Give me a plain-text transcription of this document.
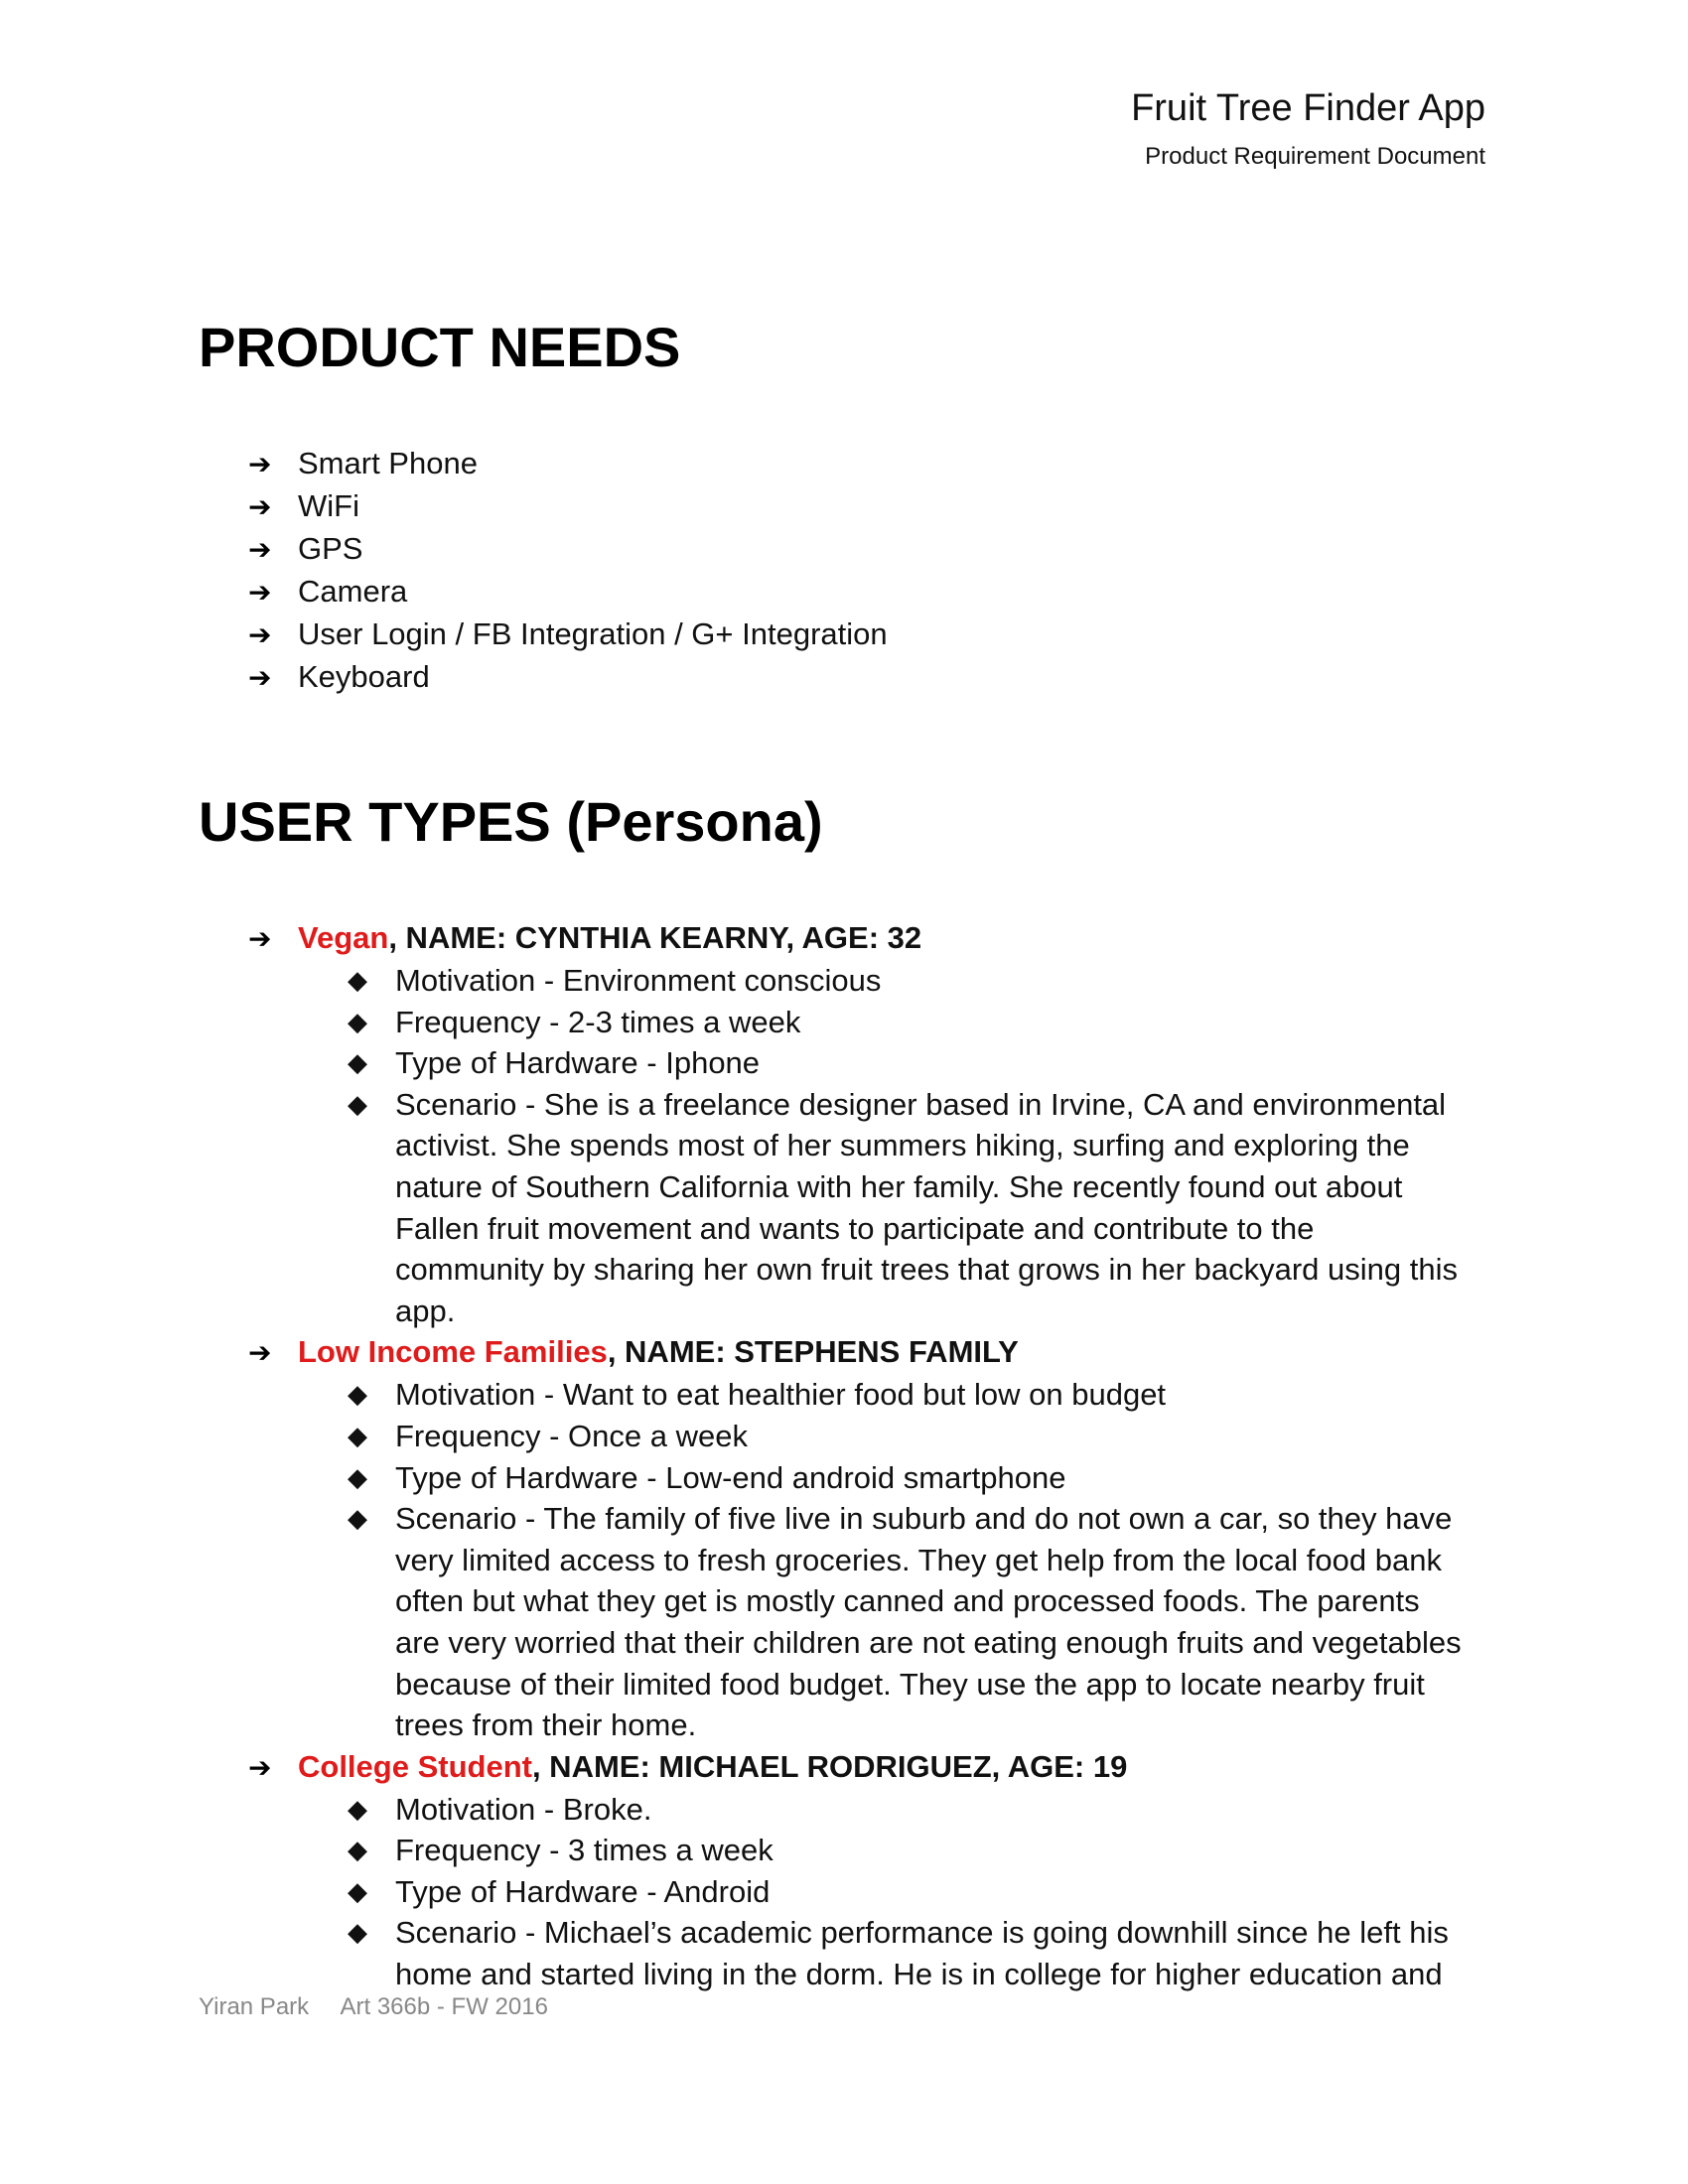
Fruit Tree Finder App
Product Requirement Document
PRODUCT NEEDS
➔ Smart Phone
➔ WiFi
➔ GPS
➔ Camera
➔ User Login / FB Integration / G+ Integration
➔ Keyboard
USER TYPES (Persona)
➔ Vegan, NAME: CYNTHIA KEARNY, AGE: 32
◆ Motivation - Environment conscious
◆ Frequency - 2-3 times a week
◆ Type of Hardware - Iphone
◆ Scenario - She is a freelance designer based in Irvine, CA and environmental activist. She spends most of her summers hiking, surfing and exploring the nature of Southern California with her family. She recently found out about Fallen fruit movement and wants to participate and contribute to the community by sharing her own fruit trees that grows in her backyard using this app.
➔ Low Income Families, NAME: STEPHENS FAMILY
◆ Motivation - Want to eat healthier food but low on budget
◆ Frequency - Once a week
◆ Type of Hardware - Low-end android smartphone
◆ Scenario - The family of five live in suburb and do not own a car, so they have very limited access to fresh groceries. They get help from the local food bank often but what they get is mostly canned and processed foods. The parents are very worried that their children are not eating enough fruits and vegetables because of their limited food budget. They use the app to locate nearby fruit trees from their home.
➔ College Student, NAME: MICHAEL RODRIGUEZ, AGE: 19
◆ Motivation - Broke.
◆ Frequency - 3 times a week
◆ Type of Hardware - Android
◆ Scenario - Michael’s academic performance is going downhill since he left his home and started living in the dorm. He is in college for higher education and
Yiran Park Art 366b - FW 2016
